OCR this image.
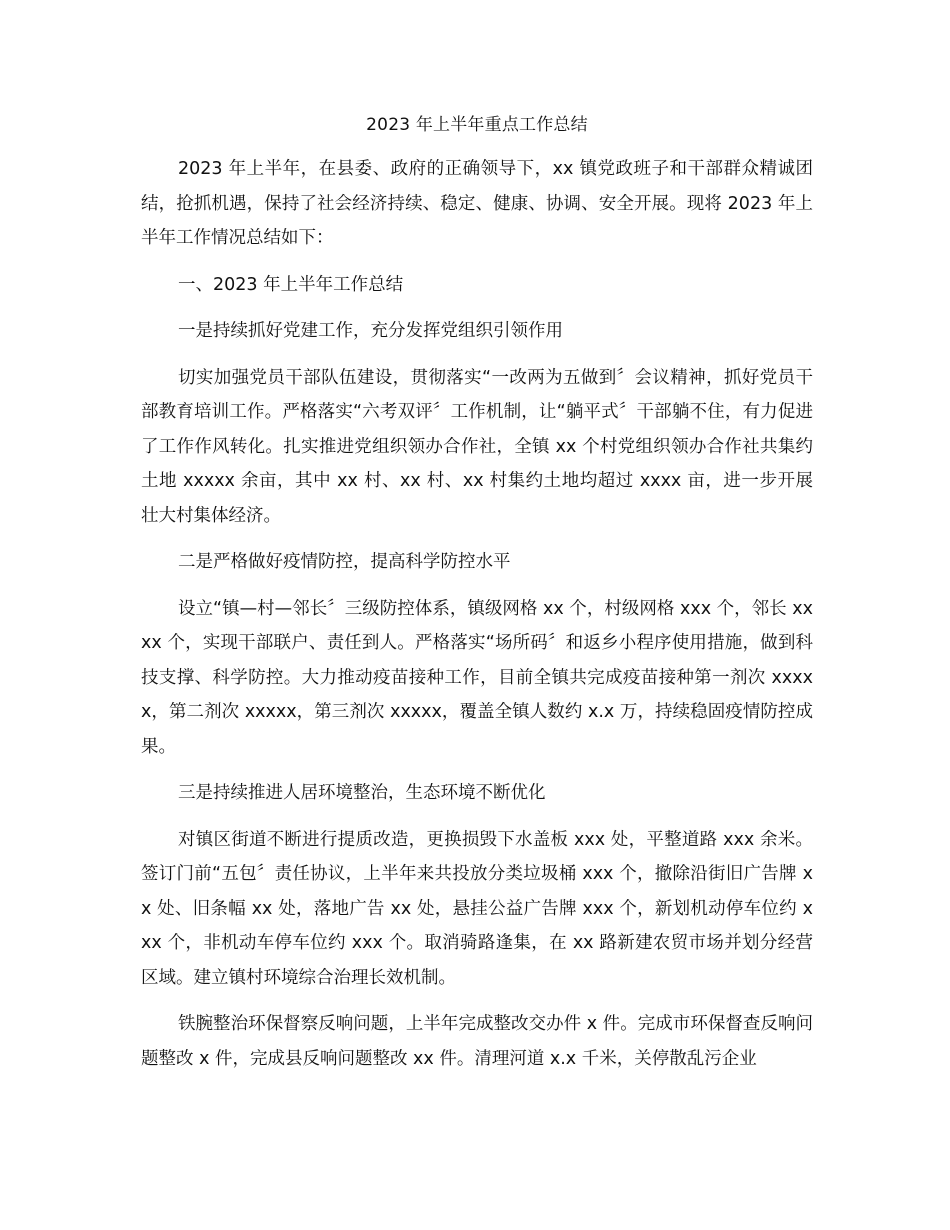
2023 年上半年重点工作总结

2023 年上半年，在县委、政府的正确领导下，xx 镇党政班子和干部群众精诚团结，抢抓机遇，保持了社会经济持续、稳定、健康、协调、安全开展。现将 2023 年上半年工作情况总结如下：

一、2023 年上半年工作总结

一是持续抓好党建工作，充分发挥党组织引领作用

切实加强党员干部队伍建设，贯彻落实“一改两为五做到〞会议精神，抓好党员干部教育培训工作。严格落实“六考双评〞工作机制，让“躺平式〞干部躺不住，有力促进了工作作风转化。扎实推进党组织领办合作社，全镇 xx 个村党组织领办合作社共集约土地 xxxxx 余亩，其中 xx 村、xx 村、xx 村集约土地均超过 xxxx 亩，进一步开展壮大村集体经济。

二是严格做好疫情防控，提高科学防控水平

设立“镇—村—邻长〞三级防控体系，镇级网格 xx 个，村级网格 xxx 个，邻长 xxxx 个，实现干部联户、责任到人。严格落实“场所码〞和返乡小程序使用措施，做到科技支撑、科学防控。大力推动疫苗接种工作，目前全镇共完成疫苗接种第一剂次 xxxxx，第二剂次 xxxxx，第三剂次 xxxxx，覆盖全镇人数约 x.x 万，持续稳固疫情防控成果。

三是持续推进人居环境整治，生态环境不断优化

对镇区街道不断进行提质改造，更换损毁下水盖板 xxx 处，平整道路 xxx 余米。签订门前“五包〞责任协议，上半年来共投放分类垃圾桶 xxx 个，撤除沿街旧广告牌 xx 处、旧条幅 xx 处，落地广告 xx 处，悬挂公益广告牌 xxx 个，新划机动停车位约 xxx 个，非机动车停车位约 xxx 个。取消骑路逢集，在 xx 路新建农贸市场并划分经营区域。建立镇村环境综合治理长效机制。

铁腕整治环保督察反响问题，上半年完成整改交办件 x 件。完成市环保督查反响问题整改 x 件，完成县反响问题整改 xx 件。清理河道 x.x 千米，关停散乱污企业
